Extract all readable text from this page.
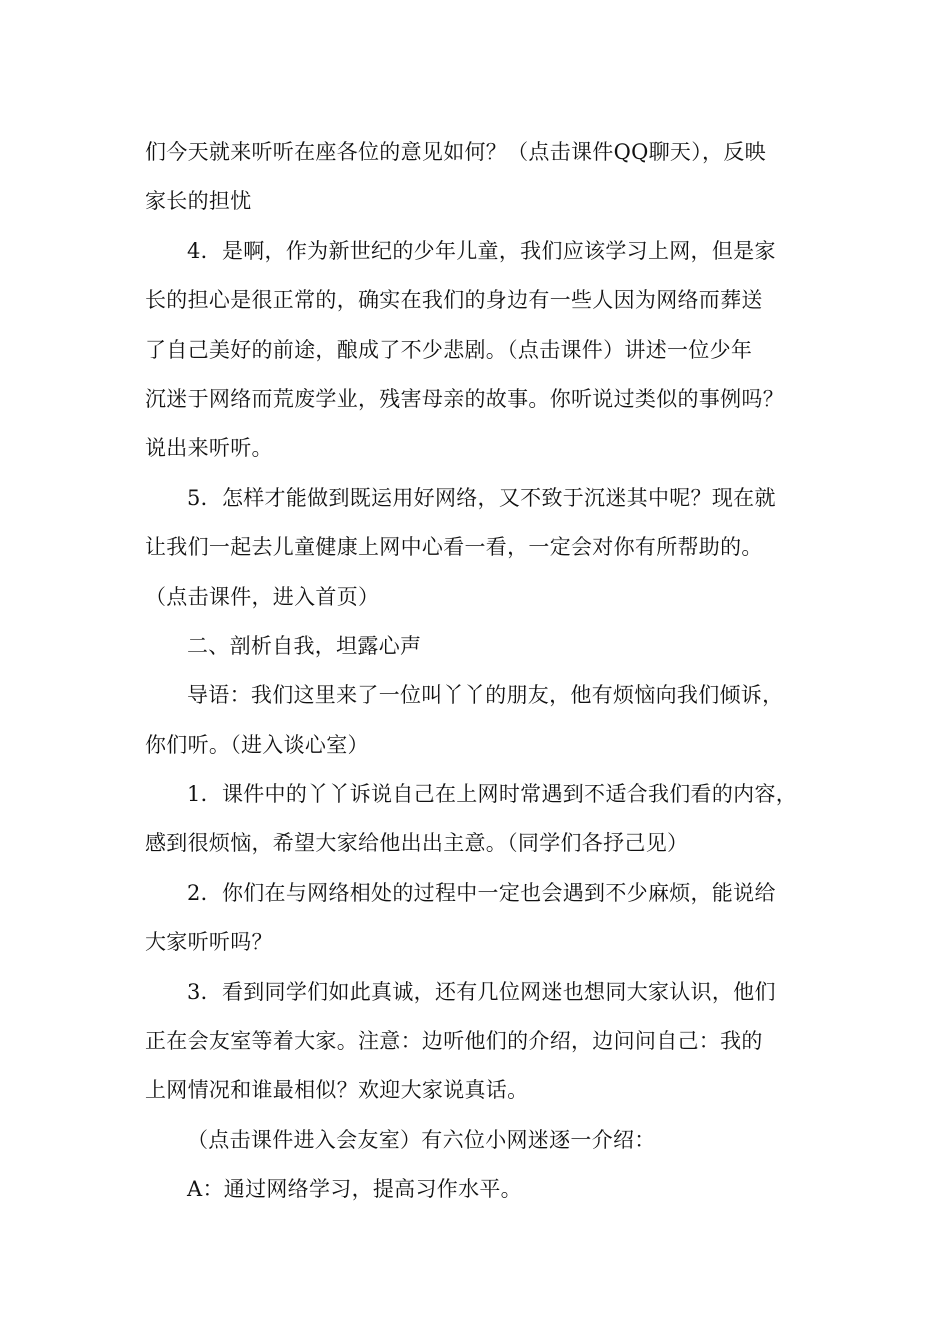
们今天就来听听在座各位的意见如何？（点击课件QQ聊天），反映
家长的担忧
4．是啊，作为新世纪的少年儿童，我们应该学习上网，但是家
长的担心是很正常的，确实在我们的身边有一些人因为网络而葬送
了自己美好的前途，酿成了不少悲剧。（点击课件）讲述一位少年
沉迷于网络而荒废学业，残害母亲的故事。你听说过类似的事例吗？
说出来听听。
5．怎样才能做到既运用好网络，又不致于沉迷其中呢？现在就
让我们一起去儿童健康上网中心看一看，一定会对你有所帮助的。
（点击课件，进入首页）
二、剖析自我，坦露心声
导语：我们这里来了一位叫丫丫的朋友，他有烦恼向我们倾诉，
你们听。（进入谈心室）
1．课件中的丫丫诉说自己在上网时常遇到不适合我们看的内容，
感到很烦恼，希望大家给他出出主意。（同学们各抒己见）
2．你们在与网络相处的过程中一定也会遇到不少麻烦，能说给
大家听听吗？
3．看到同学们如此真诚，还有几位网迷也想同大家认识，他们
正在会友室等着大家。注意：边听他们的介绍，边问问自己：我的
上网情况和谁最相似？欢迎大家说真话。
（点击课件进入会友室）有六位小网迷逐一介绍：
A：通过网络学习，提高习作水平。
